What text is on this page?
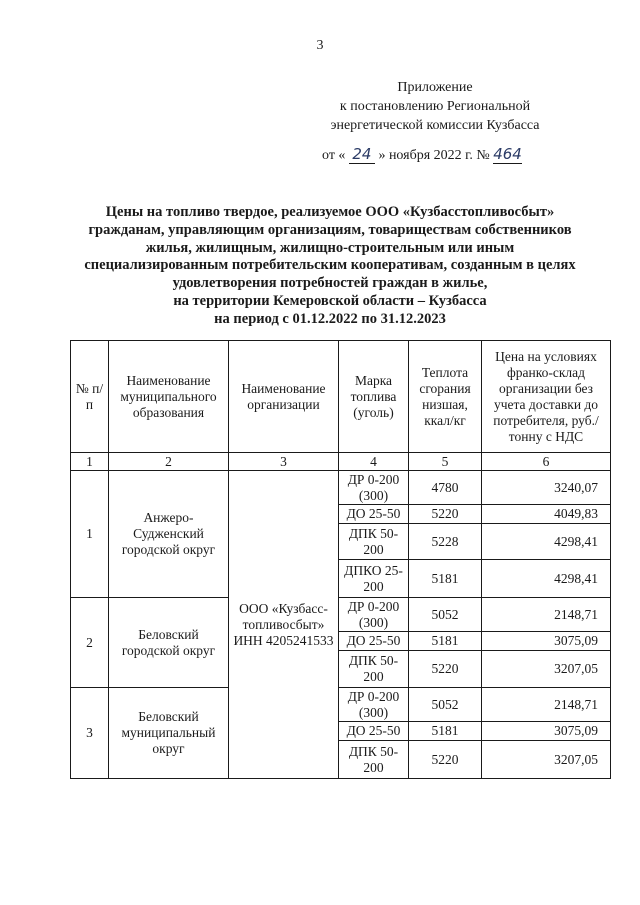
3
Приложение
к постановлению Региональной
энергетической комиссии Кузбасса
от « 24 » ноября 2022 г. № 464
Цены на топливо твердое, реализуемое ООО «Кузбасстопливосбыт»
гражданам, управляющим организациям, товариществам собственников
жилья, жилищным, жилищно-строительным или иным
специализированным потребительским кооперативам, созданным в целях
удовлетворения потребностей граждан в жилье,
на территории Кемеровской области – Кузбасса
на период с 01.12.2022 по 31.12.2023
№ п/п	Наименование муниципального образования	Наименование организации	Марка топлива (уголь)	Теплота сгорания низшая, ккал/кг	Цена на условиях франко-склад организации без учета доставки до потребителя, руб./тонну с НДС
1	2	3	4	5	6
1	Анжеро-Судженский городской округ	ООО «Кузбасс-топливосбыт» ИНН 4205241533	ДР 0-200 (300)	4780	3240,07
			ДО 25-50	5220	4049,83
			ДПК 50-200	5228	4298,41
			ДПКО 25-200	5181	4298,41
2	Беловский городской округ		ДР 0-200 (300)	5052	2148,71
			ДО 25-50	5181	3075,09
			ДПК 50-200	5220	3207,05
3	Беловский муниципальный округ		ДР 0-200 (300)	5052	2148,71
			ДО 25-50	5181	3075,09
			ДПК 50-200	5220	3207,05
